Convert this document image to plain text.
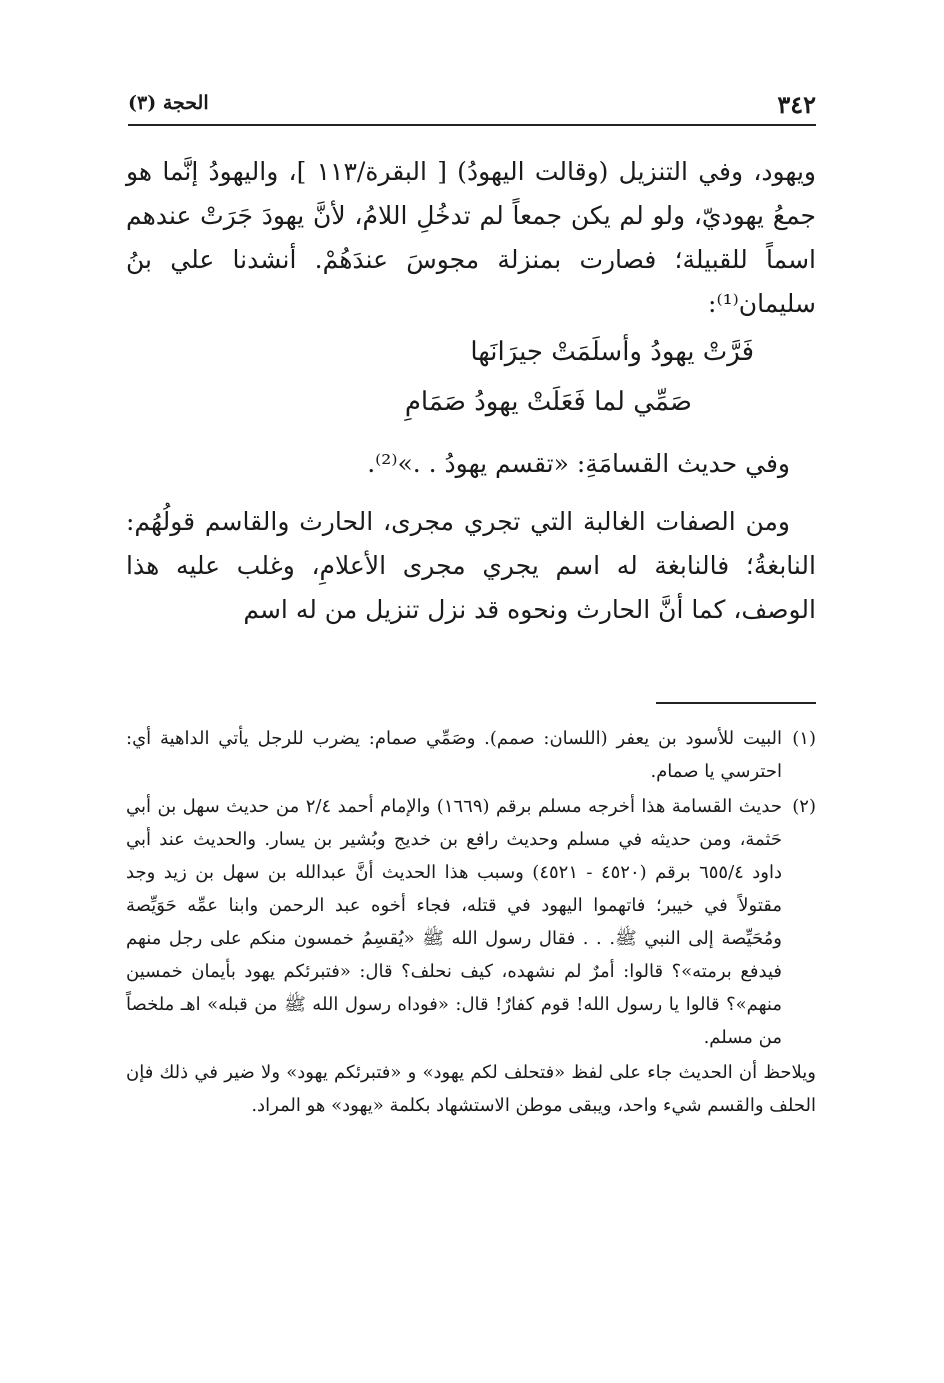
٣٤٢
الحجة (٣)

ويهود، وفي التنزيل (وقالت اليهودُ) [ البقرة/١١٣ ]، واليهودُ إنَّما هو جمعُ يهوديّ، ولو لم يكن جمعاً لم تدخُلِ اللامُ، لأنَّ يهودَ جَرَتْ عندهم اسماً للقبيلة؛ فصارت بمنزلة مجوسَ عندَهُمْ. أنشدنا علي بنُ سليمان⁽¹⁾:

فَرَّتْ يهودُ وأسلَمَتْ جيرَانَها
صَمِّي لما فَعَلَتْ يهودُ صَمَامِ

وفي حديث القسامَةِ: «تقسم يهودُ . .»⁽²⁾.

ومن الصفات الغالبة التي تجري مجرى، الحارث والقاسم قولُهُم: النابغةُ؛ فالنابغة له اسم يجري مجرى الأعلامِ، وغلب عليه هذا الوصف، كما أنَّ الحارث ونحوه قد نزل تنزيل من له اسم

(١)
البيت للأسود بن يعفر (اللسان: صمم). وصَمِّي صمام: يضرب للرجل يأتي الداهية أي: احترسي يا صمام.
(٢)
حديث القسامة هذا أخرجه مسلم برقم (١٦٦٩) والإمام أحمد ٢/٤ من حديث سهل بن أبي حَثمة، ومن حديثه في مسلم وحديث رافع بن خديج وبُشير بن يسار. والحديث عند أبي داود ٦٥٥/٤ برقم (٤٥٢٠ - ٤٥٢١) وسبب هذا الحديث أنَّ عبدالله بن سهل بن زيد وجد مقتولاً في خيبر؛ فاتهموا اليهود في قتله، فجاء أخوه عبد الرحمن وابنا عمِّه حَوَيِّصة ومُحَيِّصة إلى النبي ﷺ. . . فقال رسول الله ﷺ «يُقسِمُ خمسون منكم على رجل منهم فيدفع برمته»؟ قالوا: أمرٌ لم نشهده، كيف نحلف؟ قال: «فتبرئكم يهود بأيمان خمسين منهم»؟ قالوا يا رسول الله! قوم كفارٌ! قال: «فوداه رسول الله ﷺ من قبله» اهـ ملخصاً من مسلم.

ويلاحظ أن الحديث جاء على لفظ «فتحلف لكم يهود» و «فتبرئكم يهود» ولا ضير في ذلك فإن الحلف والقسم شيء واحد، ويبقى موطن الاستشهاد بكلمة «يهود» هو المراد.
